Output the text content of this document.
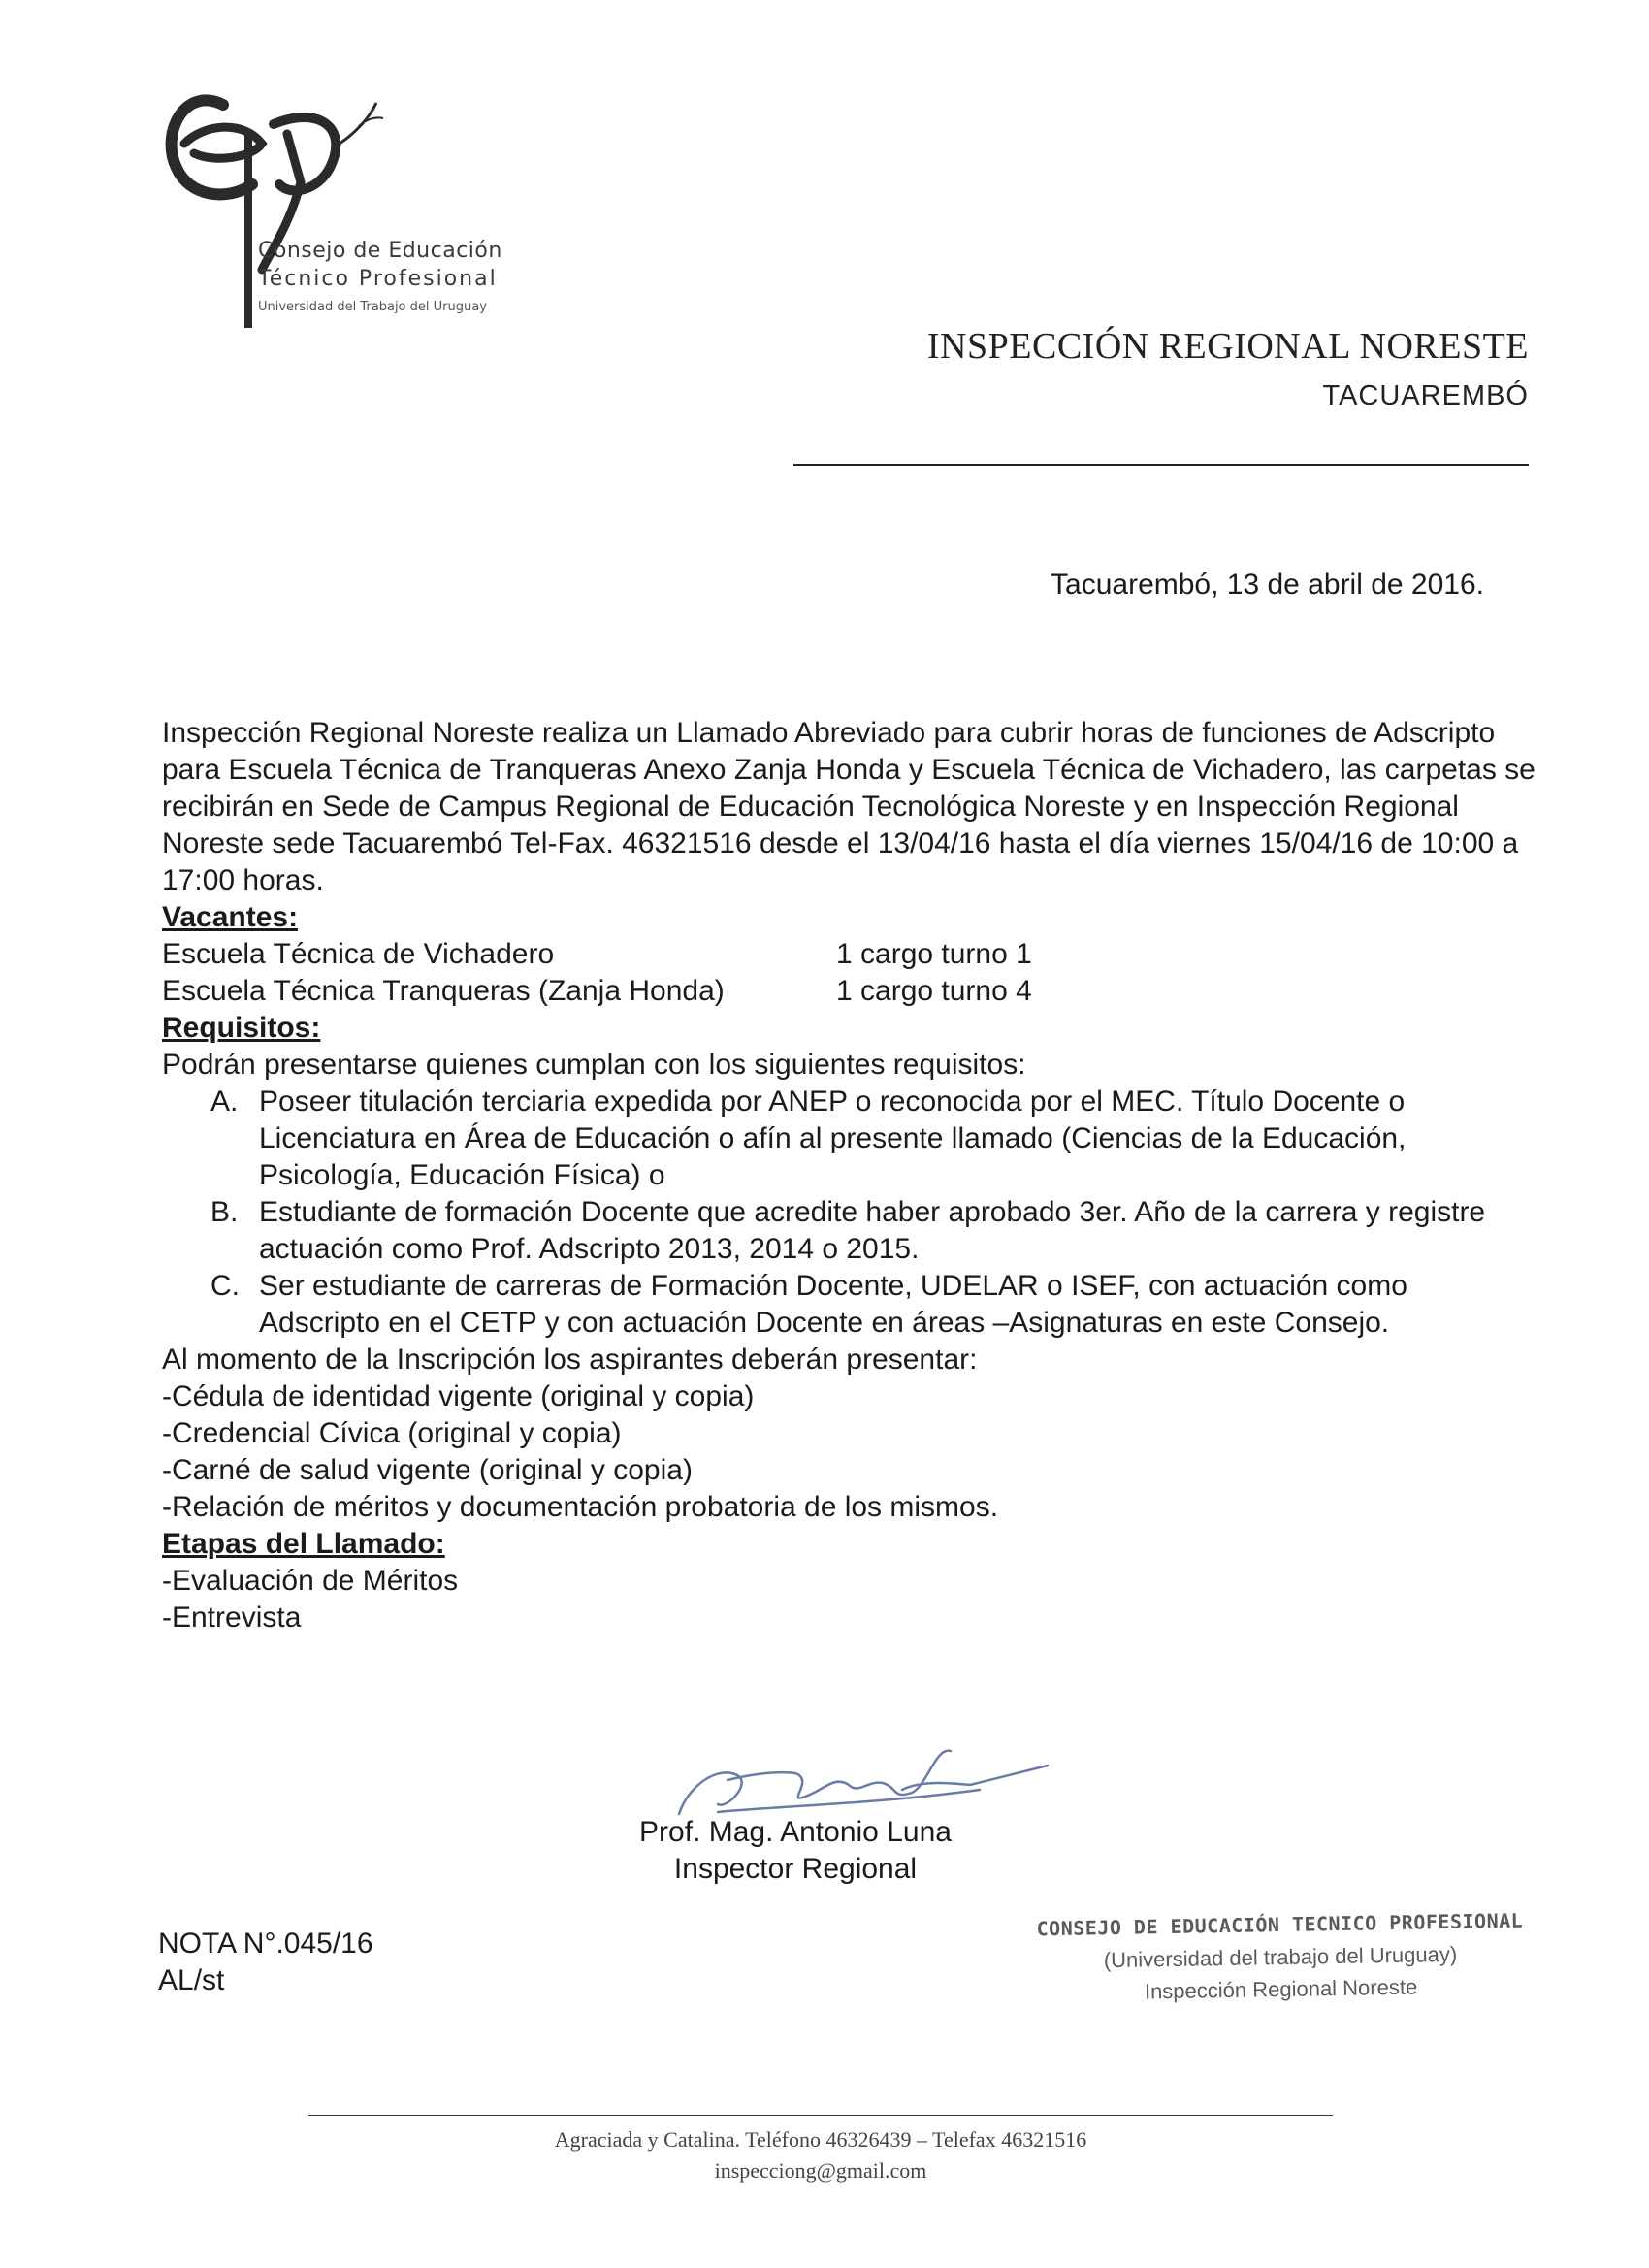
Consejo de Educación
Técnico Profesional
Universidad del Trabajo del Uruguay
INSPECCIÓN REGIONAL NORESTE
TACUAREMBÓ
Tacuarembó, 13 de abril de 2016.

Inspección Regional Noreste realiza un Llamado Abreviado para cubrir horas de funciones de Adscripto para Escuela Técnica de Tranqueras Anexo Zanja Honda y Escuela Técnica de Vichadero, las carpetas se recibirán en Sede de Campus Regional de Educación Tecnológica Noreste y en Inspección Regional Noreste sede Tacuarembó Tel-Fax. 46321516 desde el 13/04/16 hasta el día viernes 15/04/16 de 10:00 a 17:00 horas.

Vacantes:

Escuela Técnica de Vichadero	1 cargo turno 1
Escuela Técnica Tranqueras (Zanja Honda)	1 cargo turno 4

Requisitos:

Podrán presentarse quienes cumplan con los siguientes requisitos:

A. Poseer titulación terciaria expedida por ANEP o reconocida por el MEC. Título Docente o Licenciatura en Área de Educación o afín al presente llamado (Ciencias de la Educación, Psicología, Educación Física) o
B. Estudiante de formación Docente que acredite haber aprobado 3er. Año de la carrera y registre actuación como Prof. Adscripto 2013, 2014 o 2015.
C. Ser estudiante de carreras de Formación Docente, UDELAR o ISEF, con actuación como Adscripto en el CETP y con actuación Docente en áreas –Asignaturas en este Consejo.

Al momento de la Inscripción los aspirantes deberán presentar:

-Cédula de identidad vigente (original y copia)

-Credencial Cívica (original y copia)

-Carné de salud vigente (original y copia)

-Relación de méritos y documentación probatoria de los mismos.

Etapas del Llamado:

-Evaluación de Méritos

-Entrevista

Prof. Mag. Antonio Luna
Inspector Regional
NOTA N°.045/16
AL/st
CONSEJO DE EDUCACIÓN TECNICO PROFESIONAL
(Universidad del trabajo del Uruguay)
Inspección Regional Noreste
Agraciada y Catalina. Teléfono 46326439 – Telefax 46321516
inspecciong@gmail.com
